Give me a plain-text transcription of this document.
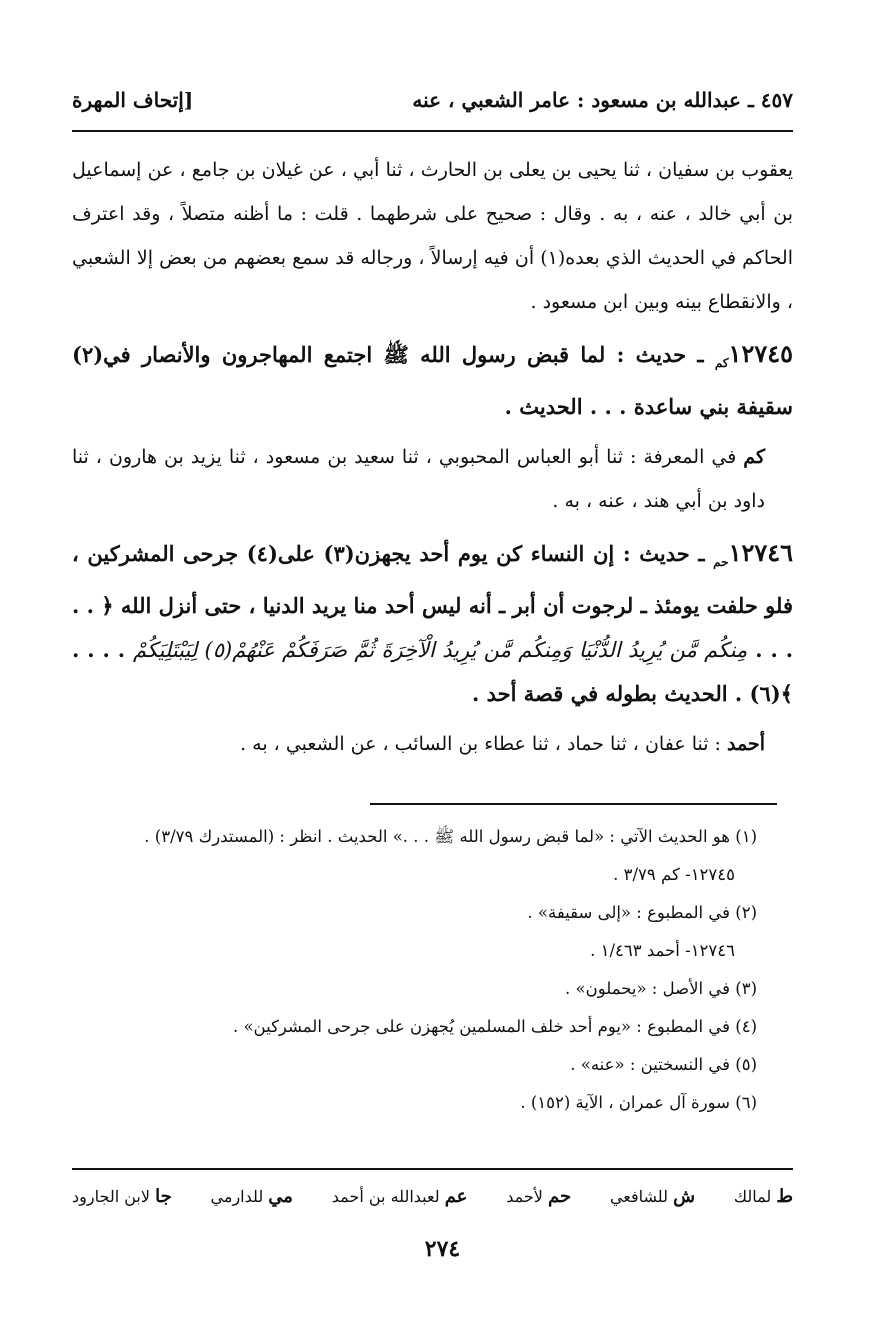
٤٥٧ ـ عبدالله بن مسعود : عامر الشعبي ، عنه
[إتحاف المهرة

يعقوب بن سفيان ، ثنا يحيى بن يعلى بن الحارث ، ثنا أبي ، عن غيلان بن جامع ، عن إسماعيل بن أبي خالد ، عنه ، به . وقال : صحيح على شرطهما . قلت : ما أظنه متصلاً ، وقد اعترف الحاكم في الحديث الذي بعده(١) أن فيه إرسالاً ، ورجاله قد سمع بعضهم من بعض إلا الشعبي ، والانقطاع بينه وبين ابن مسعود .

$١٢٧٤٥_{كم}$ ـ حديث : لما قبض رسول الله ﷺ اجتمع المهاجرون والأنصار في(٢) سقيفة بني ساعدة . . . الحديث .

كم في المعرفة : ثنا أبو العباس المحبوبي ، ثنا سعيد بن مسعود ، ثنا يزيد بن هارون ، ثنا داود بن أبي هند ، عنه ، به .

$١٢٧٤٦_{حم}$ ـ حديث : إن النساء كن يوم أحد يجهزن(٣) على(٤) جرحى المشركين ، فلو حلفت يومئذ ـ لرجوت أن أبر ـ أنه ليس أحد منا يريد الدنيا ، حتى أنزل الله ﴿ . . . . . مِنكُم مَّن يُرِيدُ الدُّنْيَا وَمِنكُم مَّن يُرِيدُ الْآخِرَةَ ثُمَّ صَرَفَكُمْ عَنْهُمْ(٥) لِيَبْتَلِيَكُمْ . . . . ﴾(٦) . الحديث بطوله في قصة أحد .

أحمد : ثنا عفان ، ثنا حماد ، ثنا عطاء بن السائب ، عن الشعبي ، به .

(١) هو الحديث الآتي : «لما قبض رسول الله ﷺ . . .» الحديث . انظر : (المستدرك ٣/٧٩) .

١٢٧٤٥- كم ٣/٧٩ .

(٢) في المطبوع : «إلى سقيفة» .

١٢٧٤٦- أحمد ١/٤٦٣ .

(٣) في الأصل : «يحملون» .

(٤) في المطبوع : «يوم أحد خلف المسلمين يُجهزن على جرحى المشركين» .

(٥) في النسختين : «عنه» .

(٦) سورة آل عمران ، الآية (١٥٢) .

ط لمالك
ش للشافعي
حم لأحمد
عم لعبدالله بن أحمد
مي للدارمي
جا لابن الجارود
٢٧٤
